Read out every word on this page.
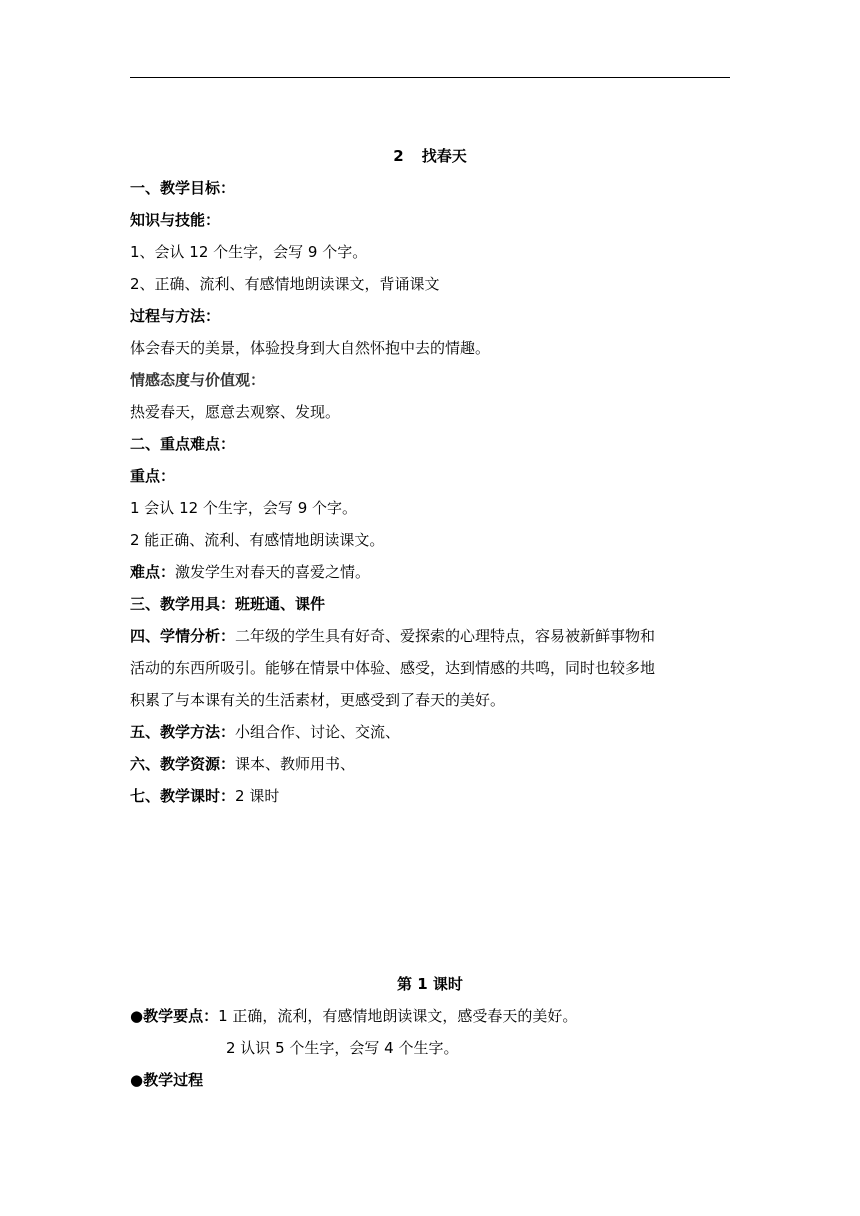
2 找春天
一、教学目标：
知识与技能：
1、会认 12 个生字，会写 9 个字。
2、正确、流利、有感情地朗读课文，背诵课文
过程与方法：
体会春天的美景，体验投身到大自然怀抱中去的情趣。
情感态度与价值观：
热爱春天，愿意去观察、发现。
二、重点难点：
重点：
1 会认 12 个生字，会写 9 个字。
2 能正确、流利、有感情地朗读课文。
难点：激发学生对春天的喜爱之情。
三、教学用具：班班通、课件
四、学情分析：二年级的学生具有好奇、爱探索的心理特点，容易被新鲜事物和
活动的东西所吸引。能够在情景中体验、感受，达到情感的共鸣，同时也较多地
积累了与本课有关的生活素材，更感受到了春天的美好。
五、教学方法：小组合作、讨论、交流、
六、教学资源：课本、教师用书、
七、教学课时：2 课时
第 1 课时
●教学要点：1 正确，流利，有感情地朗读课文，感受春天的美好。
2 认识 5 个生字，会写 4 个生字。
●教学过程
